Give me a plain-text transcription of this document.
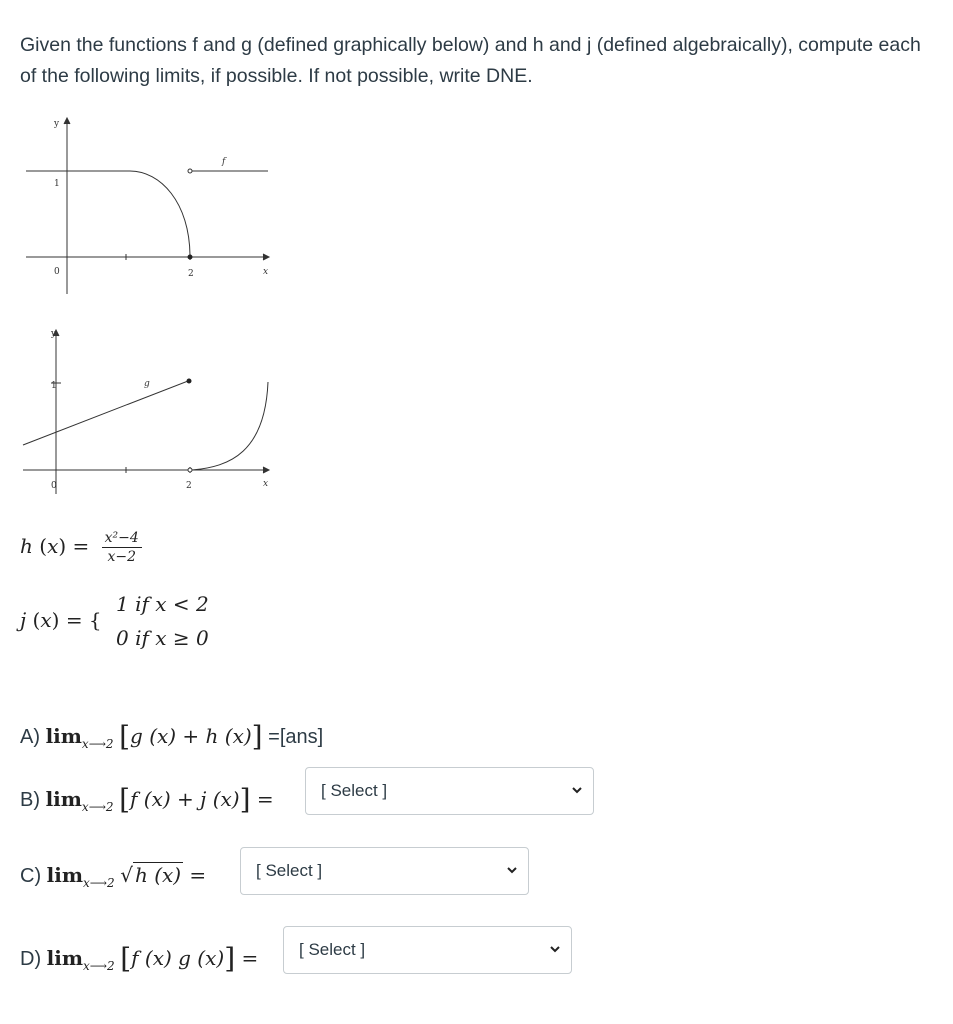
Given the functions f and g (defined graphically below) and h and j (defined algebraically), compute each of the following limits, if possible. If not possible, write DNE.

y
1
0	2	x
f
y
1
0	2	x
g
h $(x) = \frac{\text{x²−4}}{x-2}$
j (x) = {
1 if x < 2
0 if x ≥ 0
A) $\lim_{x⟶2} [g$ (x) + h (x)] =[ans]
B) $\lim_{x⟶2} [f$ (x) + j (x)] =	[ Select ]
C) $\lim_{x⟶2}$ √ h (x) =	[ Select ]
D) $\lim_{x⟶2} [f$ (x) g (x)] = [ Select ]
